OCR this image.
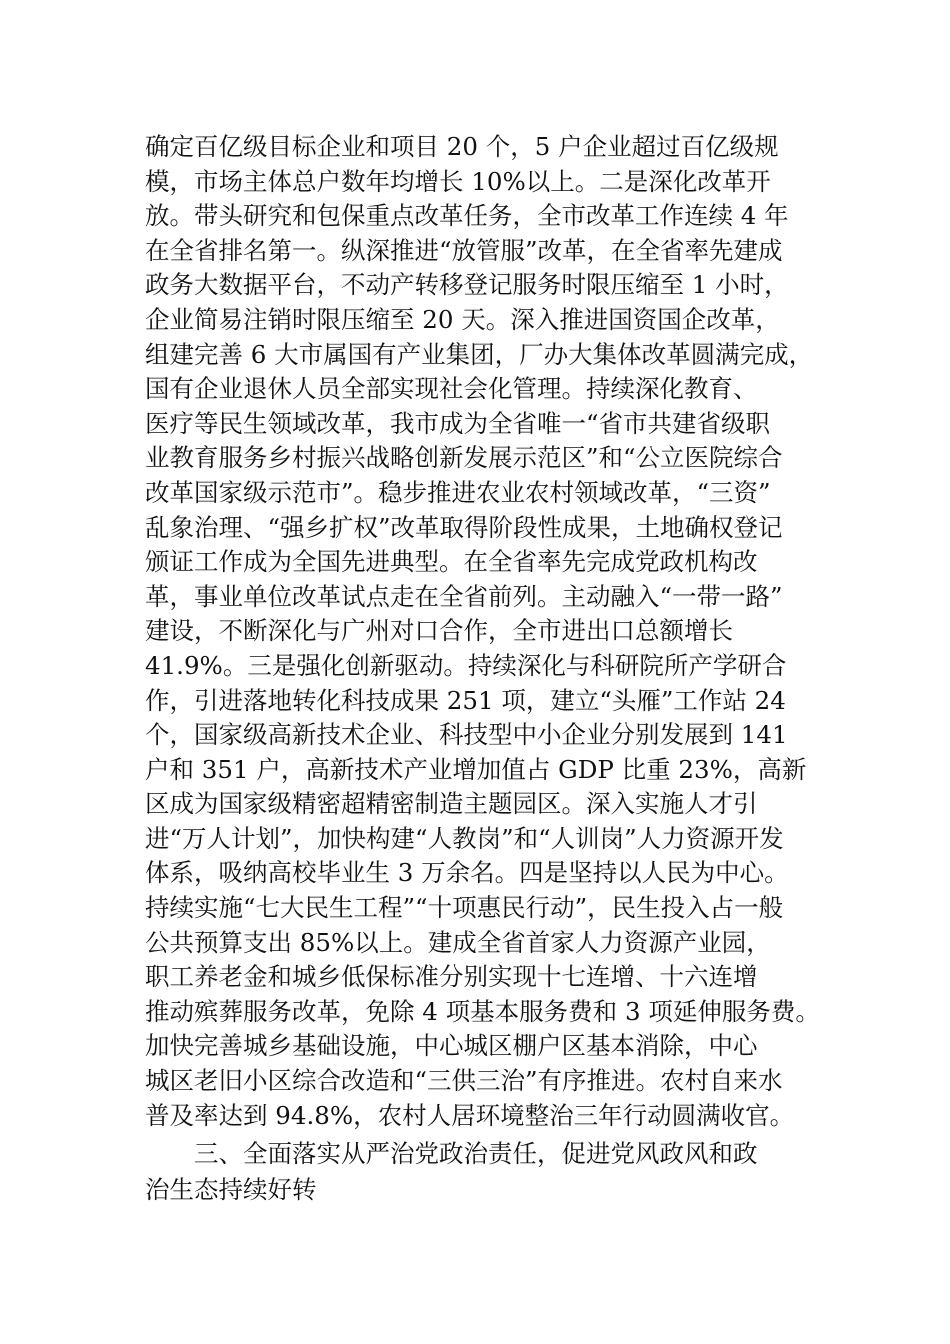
确定百亿级目标企业和项目 20 个，5 户企业超过百亿级规
模，市场主体总户数年均增长 10%以上。二是深化改革开
放。带头研究和包保重点改革任务，全市改革工作连续 4 年
在全省排名第一。纵深推进“放管服”改革，在全省率先建成
政务大数据平台，不动产转移登记服务时限压缩至 1 小时，
企业简易注销时限压缩至 20 天。深入推进国资国企改革，
组建完善 6 大市属国有产业集团，厂办大集体改革圆满完成，
国有企业退休人员全部实现社会化管理。持续深化教育、
医疗等民生领域改革，我市成为全省唯一“省市共建省级职
业教育服务乡村振兴战略创新发展示范区”和“公立医院综合
改革国家级示范市”。稳步推进农业农村领域改革，“三资”
乱象治理、“强乡扩权”改革取得阶段性成果，土地确权登记
颁证工作成为全国先进典型。在全省率先完成党政机构改
革，事业单位改革试点走在全省前列。主动融入“一带一路”
建设，不断深化与广州对口合作，全市进出口总额增长
41.9%。三是强化创新驱动。持续深化与科研院所产学研合
作，引进落地转化科技成果 251 项，建立“头雁”工作站 24
个，国家级高新技术企业、科技型中小企业分别发展到 141
户和 351 户，高新技术产业增加值占 GDP 比重 23%，高新
区成为国家级精密超精密制造主题园区。深入实施人才引
进“万人计划”，加快构建“人教岗”和“人训岗”人力资源开发
体系，吸纳高校毕业生 3 万余名。四是坚持以人民为中心。
持续实施“七大民生工程”“十项惠民行动”，民生投入占一般
公共预算支出 85%以上。建成全省首家人力资源产业园，
职工养老金和城乡低保标准分别实现十七连增、十六连增
推动殡葬服务改革，免除 4 项基本服务费和 3 项延伸服务费。
加快完善城乡基础设施，中心城区棚户区基本消除，中心
城区老旧小区综合改造和“三供三治”有序推进。农村自来水
普及率达到 94.8%，农村人居环境整治三年行动圆满收官。
三、全面落实从严治党政治责任，促进党风政风和政
治生态持续好转
